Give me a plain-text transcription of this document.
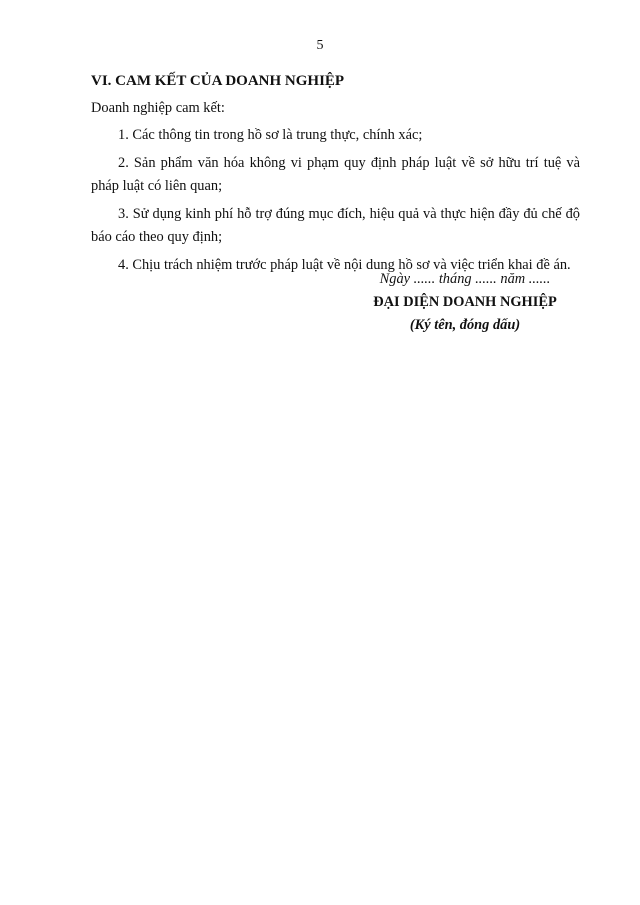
5
VI. CAM KẾT CỦA DOANH NGHIỆP
Doanh nghiệp cam kết:
1. Các thông tin trong hồ sơ là trung thực, chính xác;
2. Sản phẩm văn hóa không vi phạm quy định pháp luật về sở hữu trí tuệ và pháp luật có liên quan;
3. Sử dụng kinh phí hỗ trợ đúng mục đích, hiệu quả và thực hiện đầy đủ chế độ báo cáo theo quy định;
4. Chịu trách nhiệm trước pháp luật về nội dung hồ sơ và việc triển khai đề án.
Ngày ...... tháng ...... năm ......
ĐẠI DIỆN DOANH NGHIỆP
(Ký tên, đóng dấu)
